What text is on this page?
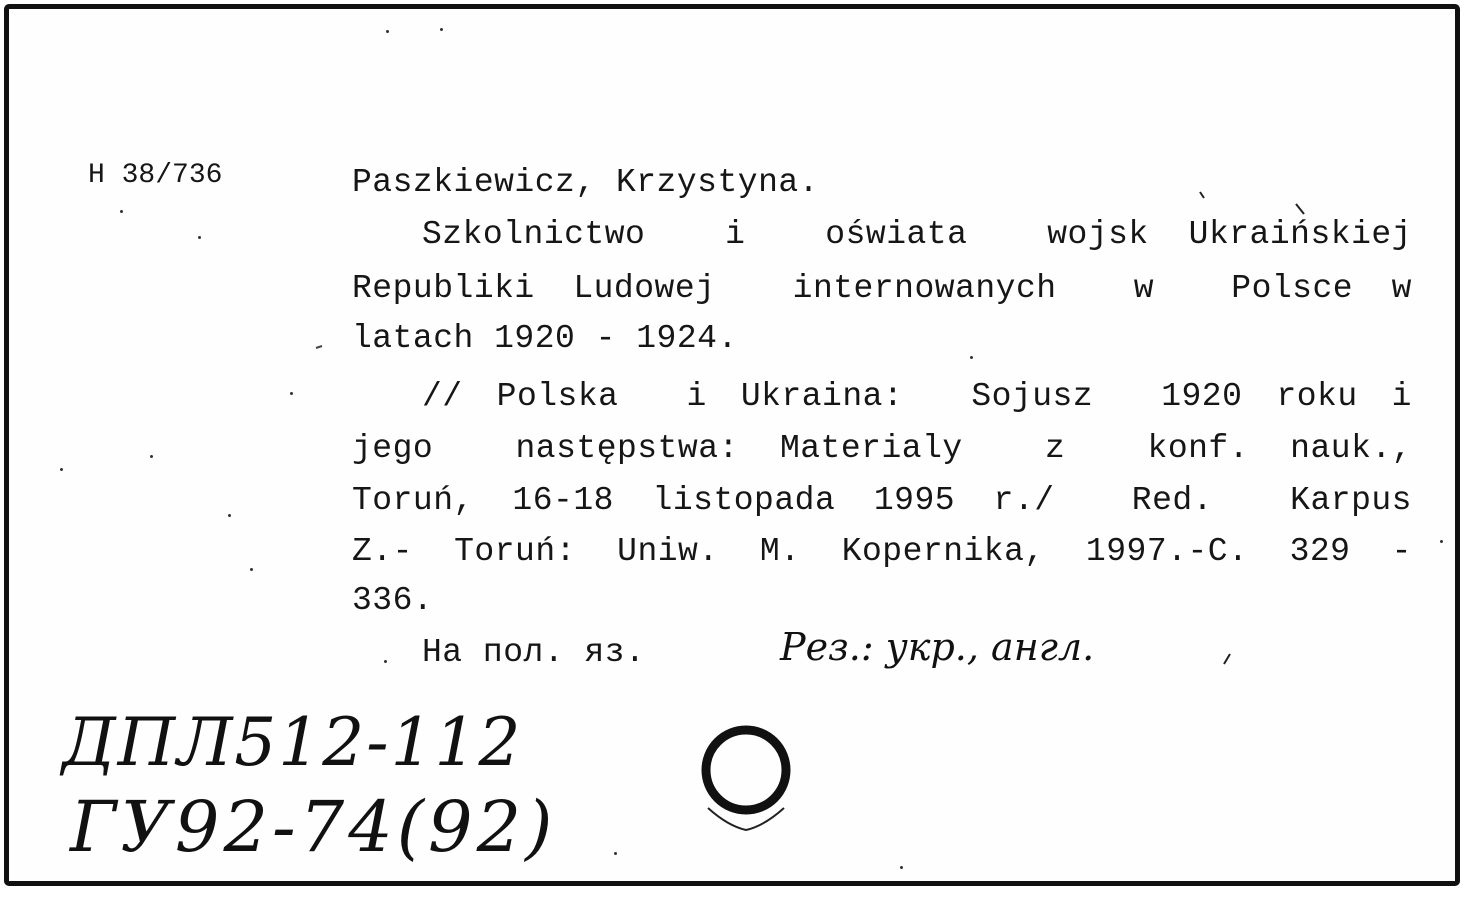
H 38/736	Paszkiewicz, Krzystyna.
Szkolnictwo  i  oświata  wojsk Ukraińskiej
Republiki Ludowej  internowanych  w  Polsce w
latach 1920 - 1924.
// Polska  i Ukraina:  Sojusz  1920 roku i
jego  następstwa: Materialy  z  konf. nauk.,
Toruń, 16-18 listopada 1995 r./  Red.  Karpus
Z.- Toruń: Uniw. M. Kopernika, 1997.-C. 329 -
336.
На пол. яз.	Рез.: укр., англ.
ДПЛ512-112
ГУ92-74(92)
